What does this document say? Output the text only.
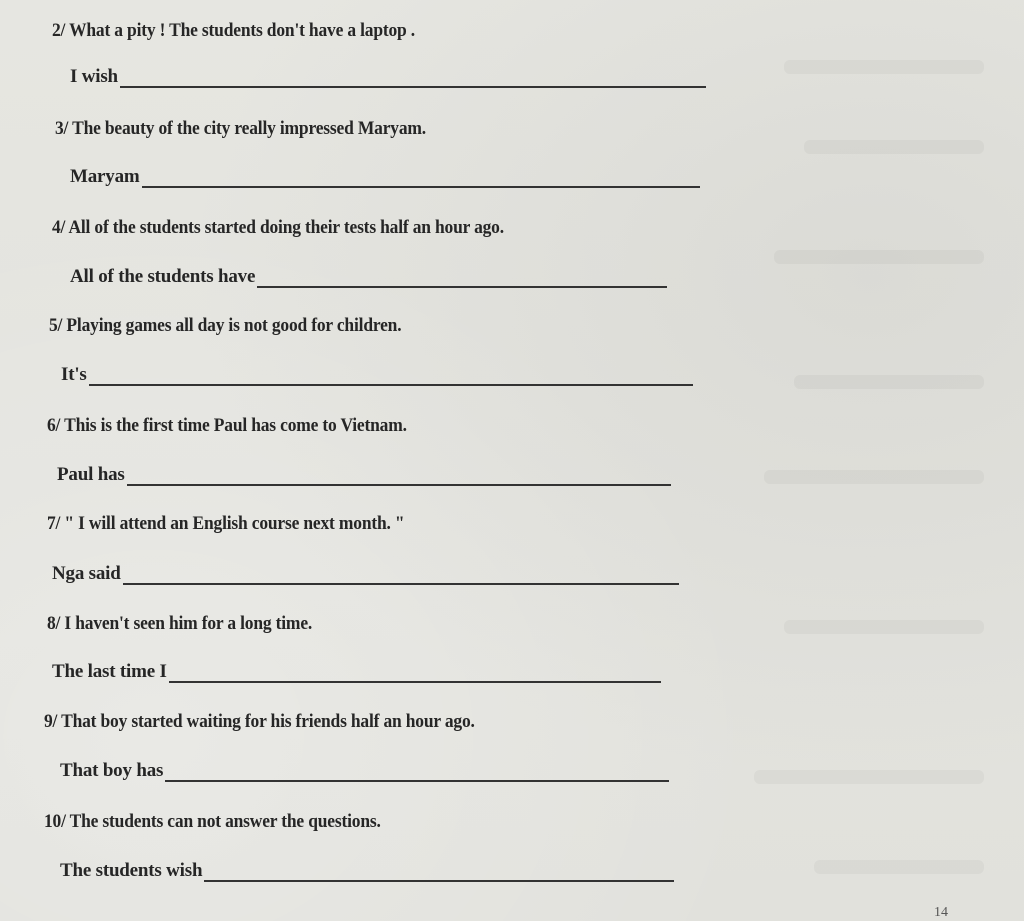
2/ What a pity ! The students don't have a laptop .
I wish
3/ The beauty of the city really impressed Maryam.
Maryam
4/ All of the students started doing their tests half an hour ago.
All of the students have
5/ Playing games all day is not good for children.
It's
6/ This is the first time Paul has come to Vietnam.
Paul has
7/ " I will attend an English course next month. "
Nga said
8/ I haven't seen him for a long time.
The last time I
9/ That boy started waiting for his friends half an hour ago.
That boy has
10/ The students can not answer the questions.
The students wish
14
